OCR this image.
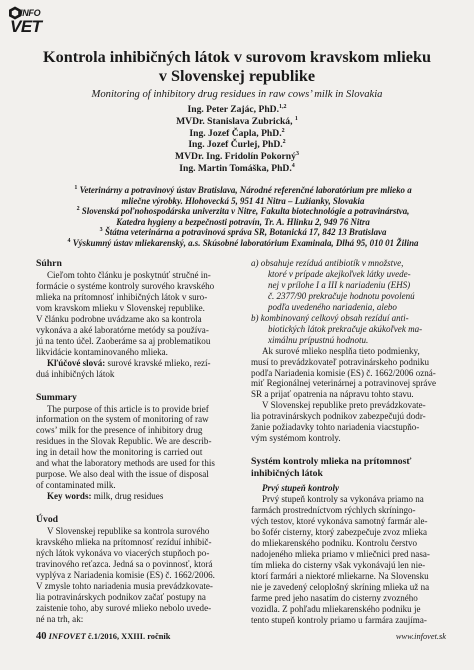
INFO
VET
Kontrola inhibičných látok v surovom kravskom mlieku
v Slovenskej republike
Monitoring of inhibitory drug residues in raw cows’ milk in Slovakia
Ing. Peter Zajác, PhD.$^{1,2}$
MVDr. Stanislava Zubrická, $^1$
Ing. Jozef Čapla, PhD.$^2$
Ing. Jozef Čurlej, PhD.$^2$
MVDr. Ing. Fridolín Pokorný$^3$
Ing. Martin Tomáška, PhD.$^4$
$^1$ Veterinárny a potravinový ústav Bratislava, Národné referenčné laboratórium pre mlieko a
mliečne výrobky. Hlohovecká 5, 951 41 Nitra – Lužianky, Slovakia
$^2$ Slovenská poľnohospodárska univerzita v Nitre, Fakulta biotechnológie a potravinárstva,
Katedra hygieny a bezpečnosti potravín, Tr. A. Hlinku 2, 949 76 Nitra
$^3$ Štátna veterinárna a potravinová správa SR, Botanická 17, 842 13 Bratislava
$^4$ Výskumný ústav mliekarenský, a.s. Skúsobné laboratórium Examinala, Dlhá 95, 010 01 Žilina
Súhrn
Cieľom tohto článku je poskytnúť stručné in-
formácie o systéme kontroly surového kravského
mlieka na prítomnosť inhibičných látok v suro-
vom kravskom mlieku v Slovenskej republike.
V článku podrobne uvádzame ako sa kontrola
vykonáva a aké laboratórne metódy sa používa-
jú na tento účel. Zaoberáme sa aj problematikou
likvidácie kontaminovaného mlieka.
Kľúčové slová: surové kravské mlieko, rezí-
duá inhibičných látok
Summary
The purpose of this article is to provide brief
information on the system of monitoring of raw
cows’ milk for the presence of inhibitory drug
residues in the Slovak Republic. We are describ-
ing in detail how the monitoring is carried out
and what the laboratory methods are used for this
purpose. We also deal with the issue of disposal
of contaminated milk.
Key words: milk, drug residues
Úvod
V Slovenskej republike sa kontrola surového
kravského mlieka na prítomnosť rezíduí inhibič-
ných látok vykonáva vo viacerých stupňoch po-
travinového reťazca. Jedná sa o povinnosť, ktorá
vyplýva z Nariadenia komisie (ES) č. 1662/2006.
V zmysle tohto nariadenia musia prevádzkovate-
lia potravinárskych podnikov začať postupy na
zaistenie toho, aby surové mlieko nebolo uvede-
né na trh, ak:
a) obsahuje rezíduá antibiotík v množstve,
ktoré v prípade akejkoľvek látky uvede-
nej v prílohe I a III k nariadeniu (EHS)
č. 2377/90 prekračuje hodnotu povolenú
podľa uvedeného nariadenia, alebo
b) kombinovaný celkový obsah rezíduí anti-
biotických látok prekračuje akúkoľvek ma-
ximálnu prípustnú hodnotu.
Ak surové mlieko nesplňa tieto podmienky,
musí to prevádzkovateľ potravinárskeho podniku
podľa Nariadenia komisie (ES) č. 1662/2006 ozná-
miť Regionálnej veterinárnej a potravinovej správe
SR a prijať opatrenia na nápravu tohto stavu.
V Slovenskej republike preto prevádzkovate-
lia potravinárskych podnikov zabezpečujú dodr-
žanie požiadavky tohto nariadenia viacstupňo-
vým systémom kontroly.
Systém kontroly mlieka na prítomnosť
inhibičných látok
Prvý stupeň kontroly
Prvý stupeň kontroly sa vykonáva priamo na
farmách prostredníctvom rýchlych skríningo-
vých testov, ktoré vykonáva samotný farmár ale-
bo šofér cisterny, ktorý zabezpečuje zvoz mlieka
do mliekarenského podniku. Kontrolu čerstvo
nadojeného mlieka priamo v mliečnici pred nasa-
tím mlieka do cisterny však vykonávajú len nie-
ktorí farmári a niektoré mliekarne. Na Slovensku
nie je zavedený celoplošný skríning mlieka už na
farme pred jeho nasatím do cisterny zvozného
vozidla. Z pohľadu mliekarenského podniku je
tento stupeň kontroly priamo u farmára zaujíma-
40 INFOVET č.1/2016, XXIII. ročník	www.infovet.sk
